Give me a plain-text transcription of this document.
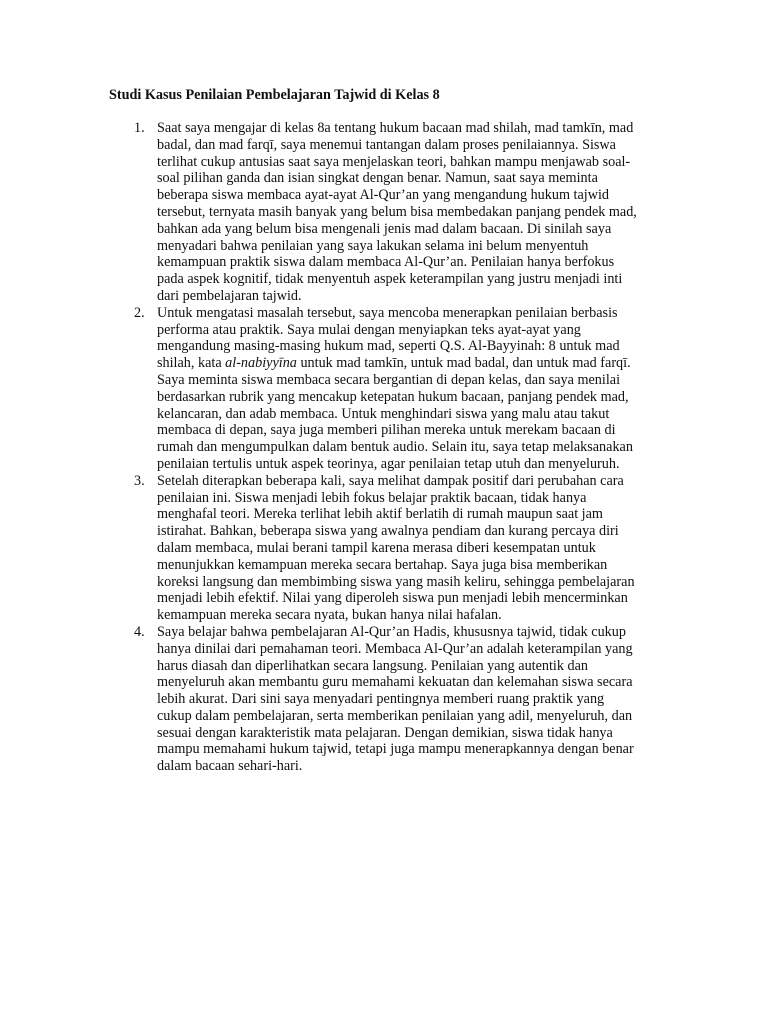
Studi Kasus Penilaian Pembelajaran Tajwid di Kelas 8
1. Saat saya mengajar di kelas 8a tentang hukum bacaan mad shilah, mad tamkīn, mad
badal, dan mad farqī, saya menemui tantangan dalam proses penilaiannya. Siswa
terlihat cukup antusias saat saya menjelaskan teori, bahkan mampu menjawab soal-
soal pilihan ganda dan isian singkat dengan benar. Namun, saat saya meminta
beberapa siswa membaca ayat-ayat Al-Qur’an yang mengandung hukum tajwid
tersebut, ternyata masih banyak yang belum bisa membedakan panjang pendek mad,
bahkan ada yang belum bisa mengenali jenis mad dalam bacaan. Di sinilah saya
menyadari bahwa penilaian yang saya lakukan selama ini belum menyentuh
kemampuan praktik siswa dalam membaca Al-Qur’an. Penilaian hanya berfokus
pada aspek kognitif, tidak menyentuh aspek keterampilan yang justru menjadi inti
dari pembelajaran tajwid.
2. Untuk mengatasi masalah tersebut, saya mencoba menerapkan penilaian berbasis
performa atau praktik. Saya mulai dengan menyiapkan teks ayat-ayat yang
mengandung masing-masing hukum mad, seperti Q.S. Al-Bayyinah: 8 untuk mad
shilah, kata al-nabiyyīna untuk mad tamkīn, untuk mad badal, dan untuk mad farqī.
Saya meminta siswa membaca secara bergantian di depan kelas, dan saya menilai
berdasarkan rubrik yang mencakup ketepatan hukum bacaan, panjang pendek mad,
kelancaran, dan adab membaca. Untuk menghindari siswa yang malu atau takut
membaca di depan, saya juga memberi pilihan mereka untuk merekam bacaan di
rumah dan mengumpulkan dalam bentuk audio. Selain itu, saya tetap melaksanakan
penilaian tertulis untuk aspek teorinya, agar penilaian tetap utuh dan menyeluruh.
3. Setelah diterapkan beberapa kali, saya melihat dampak positif dari perubahan cara
penilaian ini. Siswa menjadi lebih fokus belajar praktik bacaan, tidak hanya
menghafal teori. Mereka terlihat lebih aktif berlatih di rumah maupun saat jam
istirahat. Bahkan, beberapa siswa yang awalnya pendiam dan kurang percaya diri
dalam membaca, mulai berani tampil karena merasa diberi kesempatan untuk
menunjukkan kemampuan mereka secara bertahap. Saya juga bisa memberikan
koreksi langsung dan membimbing siswa yang masih keliru, sehingga pembelajaran
menjadi lebih efektif. Nilai yang diperoleh siswa pun menjadi lebih mencerminkan
kemampuan mereka secara nyata, bukan hanya nilai hafalan.
4. Saya belajar bahwa pembelajaran Al-Qur’an Hadis, khususnya tajwid, tidak cukup
hanya dinilai dari pemahaman teori. Membaca Al-Qur’an adalah keterampilan yang
harus diasah dan diperlihatkan secara langsung. Penilaian yang autentik dan
menyeluruh akan membantu guru memahami kekuatan dan kelemahan siswa secara
lebih akurat. Dari sini saya menyadari pentingnya memberi ruang praktik yang
cukup dalam pembelajaran, serta memberikan penilaian yang adil, menyeluruh, dan
sesuai dengan karakteristik mata pelajaran. Dengan demikian, siswa tidak hanya
mampu memahami hukum tajwid, tetapi juga mampu menerapkannya dengan benar
dalam bacaan sehari-hari.
